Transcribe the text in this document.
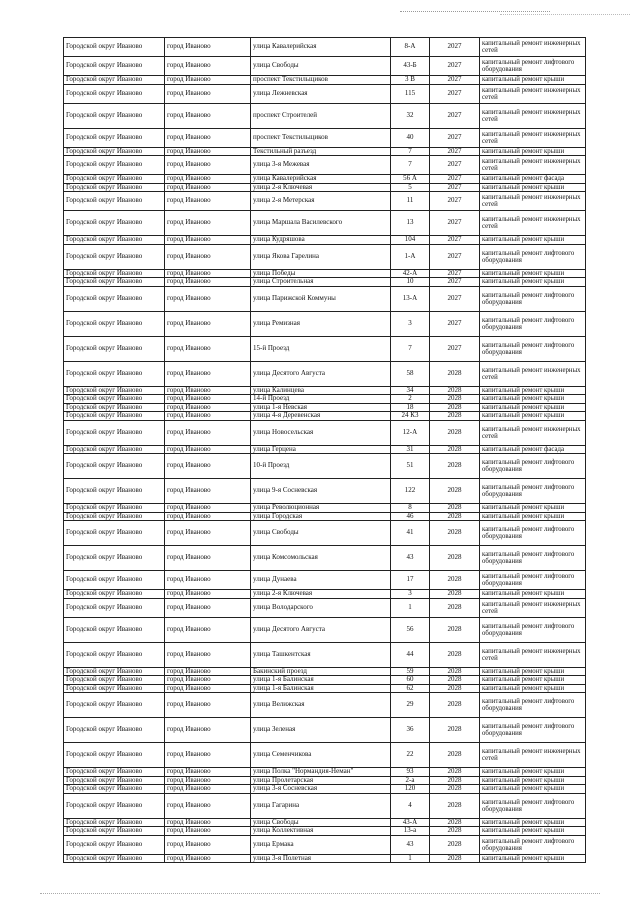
Городской округ Иваново	город Иваново	улица Кавалерийская	8-А	2027	капитальный ремонт инженерных сетей
Городской округ Иваново	город Иваново	улица Свободы	43-Б	2027	капитальный ремонт лифтового оборудования
Городской округ Иваново	город Иваново	проспект Текстильщиков	3 В	2027	капитальный ремонт крыши
Городской округ Иваново	город Иваново	улица Лежневская	115	2027	капитальный ремонт инженерных сетей
Городской округ Иваново	город Иваново	проспект Строителей	32	2027	капитальный ремонт инженерных сетей
Городской округ Иваново	город Иваново	проспект Текстильщиков	40	2027	капитальный ремонт инженерных сетей
Городской округ Иваново	город Иваново	Текстильный разъезд	7	2027	капитальный ремонт крыши
Городской округ Иваново	город Иваново	улица 3-я Межевая	7	2027	капитальный ремонт инженерных сетей
Городской округ Иваново	город Иваново	улица Кавалерийская	56 А	2027	капитальный ремонт фасада
Городской округ Иваново	город Иваново	улица 2-я Ключевая	5	2027	капитальный ремонт крыши
Городской округ Иваново	город Иваново	улица 2-я Метерская	11	2027	капитальный ремонт инженерных сетей
Городской округ Иваново	город Иваново	улица Маршала Василевского	13	2027	капитальный ремонт инженерных сетей
Городской округ Иваново	город Иваново	улица Кудряшова	104	2027	капитальный ремонт крыши
Городской округ Иваново	город Иваново	улица Якова Гарелина	1-А	2027	капитальный ремонт лифтового оборудования
Городской округ Иваново	город Иваново	улица Победы	42-А	2027	капитальный ремонт крыши
Городской округ Иваново	город Иваново	улица Строительная	10	2027	капитальный ремонт крыши
Городской округ Иваново	город Иваново	улица Парижской Коммуны	13-А	2027	капитальный ремонт лифтового оборудования
Городской округ Иваново	город Иваново	улица Ремизная	3	2027	капитальный ремонт лифтового оборудования
Городской округ Иваново	город Иваново	15-й Проезд	7	2027	капитальный ремонт лифтового оборудования
Городской округ Иваново	город Иваново	улица Десятого Августа	58	2028	капитальный ремонт инженерных сетей
Городской округ Иваново	город Иваново	улица Калинцева	34	2028	капитальный ремонт крыши
Городской округ Иваново	город Иваново	14-й Проезд	2	2028	капитальный ремонт крыши
Городской округ Иваново	город Иваново	улица 1-я Невская	18	2028	капитальный ремонт крыши
Городской округ Иваново	город Иваново	улица 4-я Деревенская	24 К3	2028	капитальный ремонт крыши
Городской округ Иваново	город Иваново	улица Новосельская	12-А	2028	капитальный ремонт инженерных сетей
Городской округ Иваново	город Иваново	улица Герцена	31	2028	капитальный ремонт фасада
Городской округ Иваново	город Иваново	10-й Проезд	51	2028	капитальный ремонт лифтового оборудования
Городской округ Иваново	город Иваново	улица 9-я Сосневская	122	2028	капитальный ремонт лифтового оборудования
Городской округ Иваново	город Иваново	улица Революционная	8	2028	капитальный ремонт крыши
Городской округ Иваново	город Иваново	улица Городская	46	2028	капитальный ремонт крыши
Городской округ Иваново	город Иваново	улица Свободы	41	2028	капитальный ремонт лифтового оборудования
Городской округ Иваново	город Иваново	улица Комсомольская	43	2028	капитальный ремонт лифтового оборудования
Городской округ Иваново	город Иваново	улица Дунаева	17	2028	капитальный ремонт лифтового оборудования
Городской округ Иваново	город Иваново	улица 2-я Ключевая	3	2028	капитальный ремонт крыши
Городской округ Иваново	город Иваново	улица Володарского	1	2028	капитальный ремонт инженерных сетей
Городской округ Иваново	город Иваново	улица Десятого Августа	56	2028	капитальный ремонт лифтового оборудования
Городской округ Иваново	город Иваново	улица Ташкентская	44	2028	капитальный ремонт инженерных сетей
Городской округ Иваново	город Иваново	Бакинский проезд	59	2028	капитальный ремонт крыши
Городской округ Иваново	город Иваново	улица 1-я Балинская	60	2028	капитальный ремонт крыши
Городской округ Иваново	город Иваново	улица 1-я Балинская	62	2028	капитальный ремонт крыши
Городской округ Иваново	город Иваново	улица Велижская	29	2028	капитальный ремонт лифтового оборудования
Городской округ Иваново	город Иваново	улица Зеленая	36	2028	капитальный ремонт лифтового оборудования
Городской округ Иваново	город Иваново	улица Семенчикова	22	2028	капитальный ремонт инженерных сетей
Городской округ Иваново	город Иваново	улица Полка "Нормандия-Неман"	93	2028	капитальный ремонт крыши
Городской округ Иваново	город Иваново	улица Пролетарская	2-а	2028	капитальный ремонт крыши
Городской округ Иваново	город Иваново	улица 3-я Сосневская	120	2028	капитальный ремонт крыши
Городской округ Иваново	город Иваново	улица Гагарина	4	2028	капитальный ремонт лифтового оборудования
Городской округ Иваново	город Иваново	улица Свободы	43-А	2028	капитальный ремонт крыши
Городской округ Иваново	город Иваново	улица Коллективная	13-а	2028	капитальный ремонт крыши
Городской округ Иваново	город Иваново	улица Ермака	43	2028	капитальный ремонт лифтового оборудования
Городской округ Иваново	город Иваново	улица 3-я Полетная	1	2028	капитальный ремонт крыши
